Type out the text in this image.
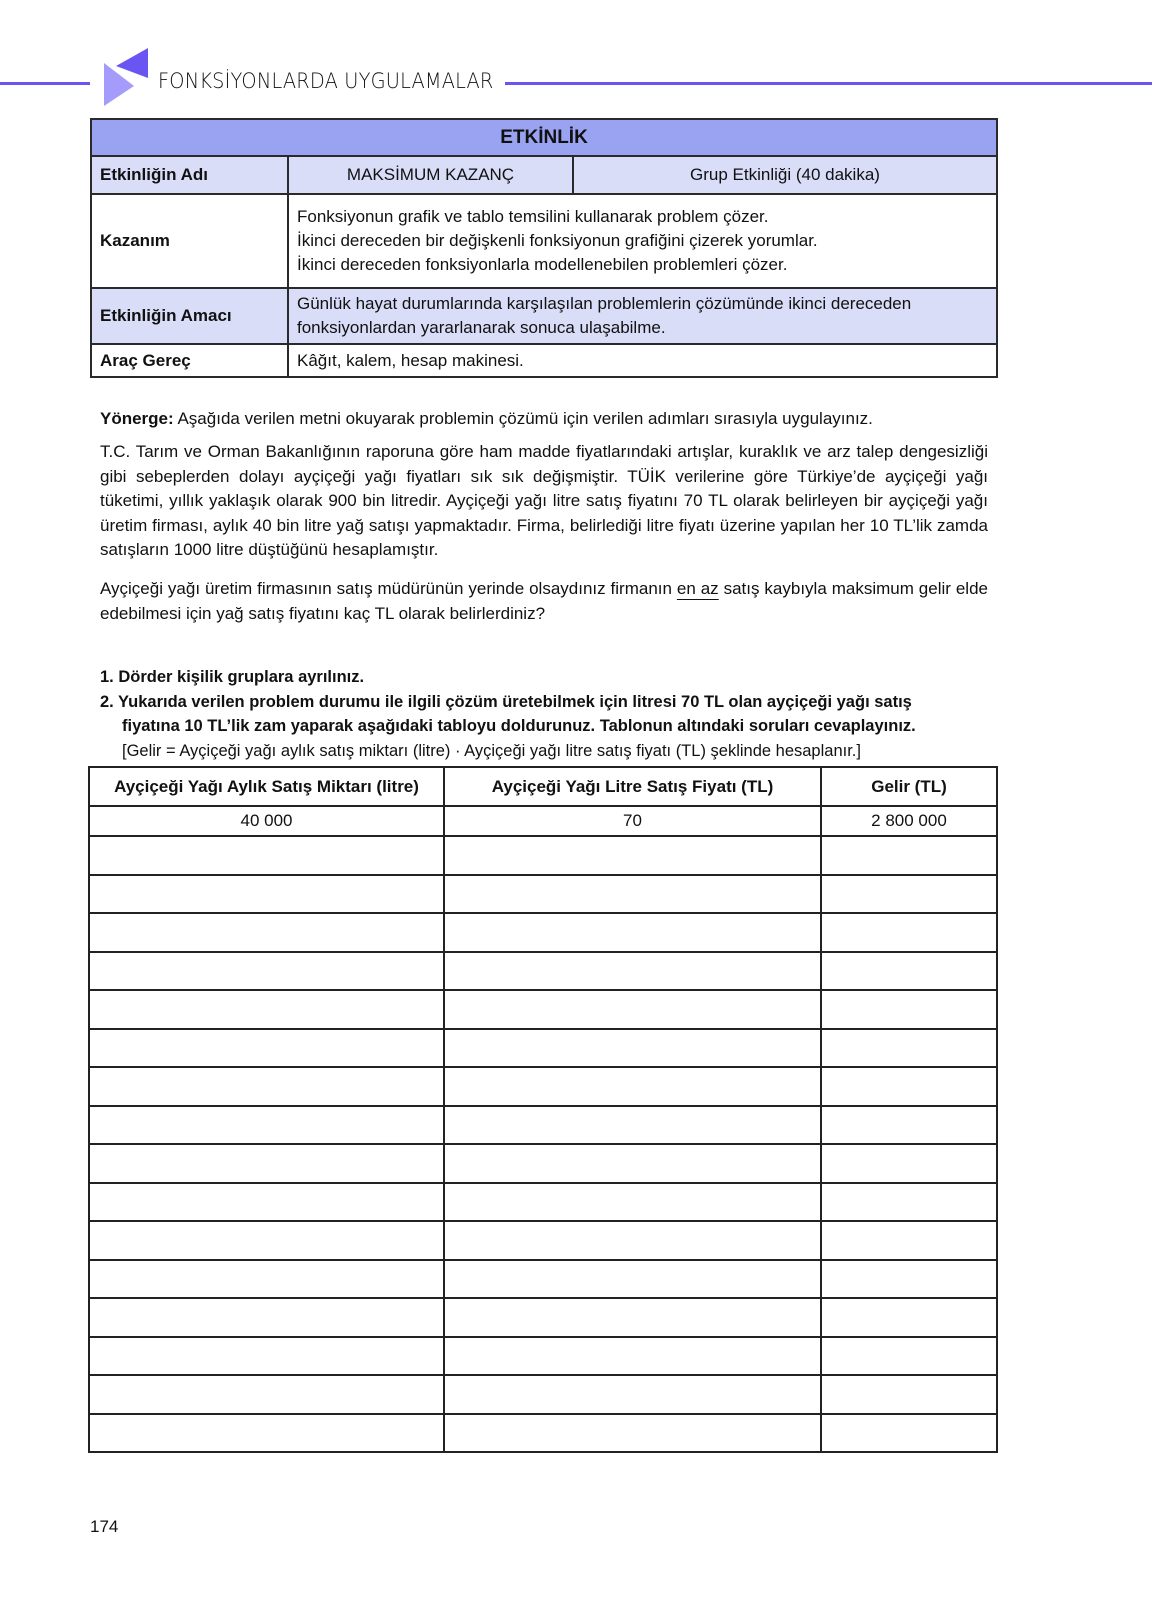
FONKSİYONLARDA UYGULAMALAR
ETKİNLİK		
Etkinliğin Adı	MAKSİMUM KAZANÇ	Grup Etkinliği (40 dakika)
Kazanım	Fonksiyonun grafik ve tablo temsilini kullanarak problem çözer.
İkinci dereceden bir değişkenli fonksiyonun grafiğini çizerek yorumlar.
İkinci dereceden fonksiyonlarla modellenebilen problemleri çözer.	

Etkinliğin Amacı	Günlük hayat durumlarında karşılaşılan problemlerin çözümünde ikinci dereceden fonksiyonlardan yararlanarak sonuca ulaşabilme.	
Araç Gereç	Kâğıt, kalem, hesap makinesi.	
Yönerge: Aşağıda verilen metni okuyarak problemin çözümü için verilen adımları sırasıyla uygulayınız.
T.C. Tarım ve Orman Bakanlığının raporuna göre ham madde fiyatlarındaki artışlar, kuraklık ve arz talep dengesizliği gibi sebeplerden dolayı ayçiçeği yağı fiyatları sık sık değişmiştir. TÜİK verilerine göre Türkiye’de ayçiçeği yağı tüketimi, yıllık yaklaşık olarak 900 bin litredir. Ayçiçeği yağı litre satış fiyatını 70 TL olarak belirleyen bir ayçiçeği yağı üretim firması, aylık 40 bin litre yağ satışı yapmaktadır. Firma, belirlediği litre fiyatı üzerine yapılan her 10 TL’lik zamda satışların 1000 litre düştüğünü hesaplamıştır.
Ayçiçeği yağı üretim firmasının satış müdürünün yerinde olsaydınız firmanın en az satış kaybıyla maksimum gelir elde edebilmesi için yağ satış fiyatını kaç TL olarak belirlerdiniz?
1. Dörder kişilik gruplara ayrılınız.
2. Yukarıda verilen problem durumu ile ilgili çözüm üretebilmek için litresi 70 TL olan ayçiçeği yağı satış
fiyatına 10 TL’lik zam yaparak aşağıdaki tabloyu doldurunuz. Tablonun altındaki soruları cevaplayınız.
[Gelir = Ayçiçeği yağı aylık satış miktarı (litre) · Ayçiçeği yağı litre satış fiyatı (TL) şeklinde hesaplanır.]
Ayçiçeği Yağı Aylık Satış Miktarı (litre)	Ayçiçeği Yağı Litre Satış Fiyatı (TL)	Gelir (TL)
40 000	70	2 800 000

174
